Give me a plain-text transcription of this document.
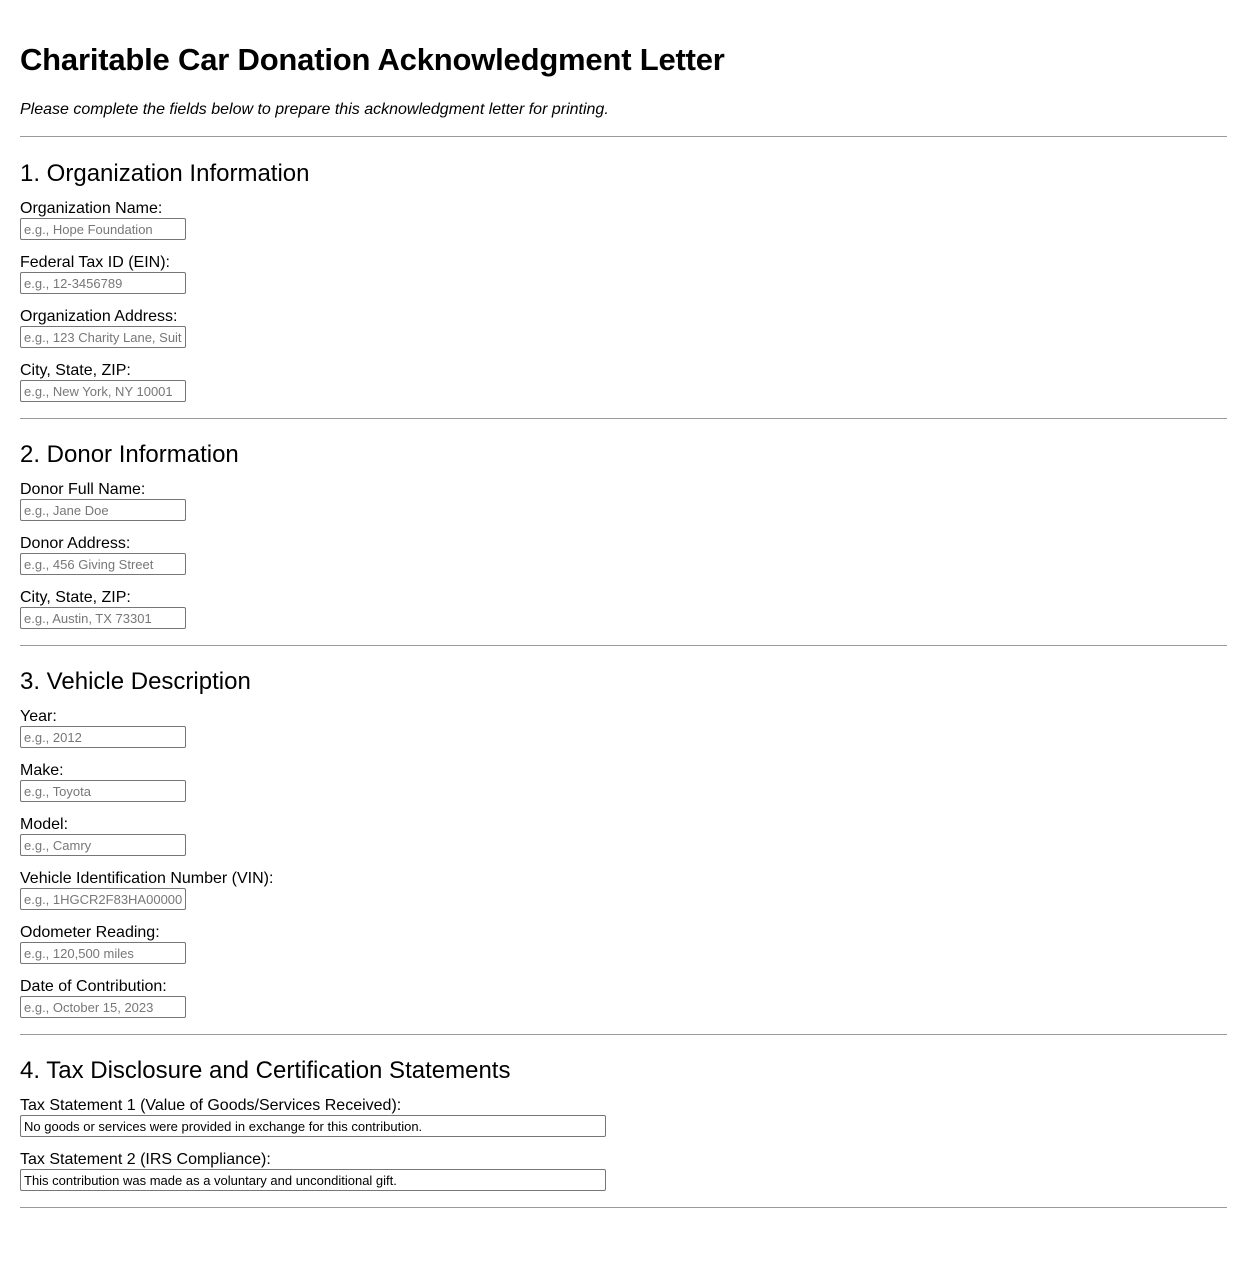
Charitable Car Donation Acknowledgment Letter

Please complete the fields below to prepare this acknowledgment letter for printing.

1. Organization Information
Organization Name:
e.g., Hope Foundation
Federal Tax ID (EIN):
e.g., 12-3456789
Organization Address:
e.g., 123 Charity Lane, Suite
City, State, ZIP:
e.g., New York, NY 10001
2. Donor Information
Donor Full Name:
e.g., Jane Doe
Donor Address:
e.g., 456 Giving Street
City, State, ZIP:
e.g., Austin, TX 73301
3. Vehicle Description
Year:
e.g., 2012
Make:
e.g., Toyota
Model:
e.g., Camry
Vehicle Identification Number (VIN):
e.g., 1HGCR2F83HA000000
Odometer Reading:
e.g., 120,500 miles
Date of Contribution:
e.g., October 15, 2023
4. Tax Disclosure and Certification Statements
Tax Statement 1 (Value of Goods/Services Received):
No goods or services were provided in exchange for this contribution.
Tax Statement 2 (IRS Compliance):
This contribution was made as a voluntary and unconditional gift.
